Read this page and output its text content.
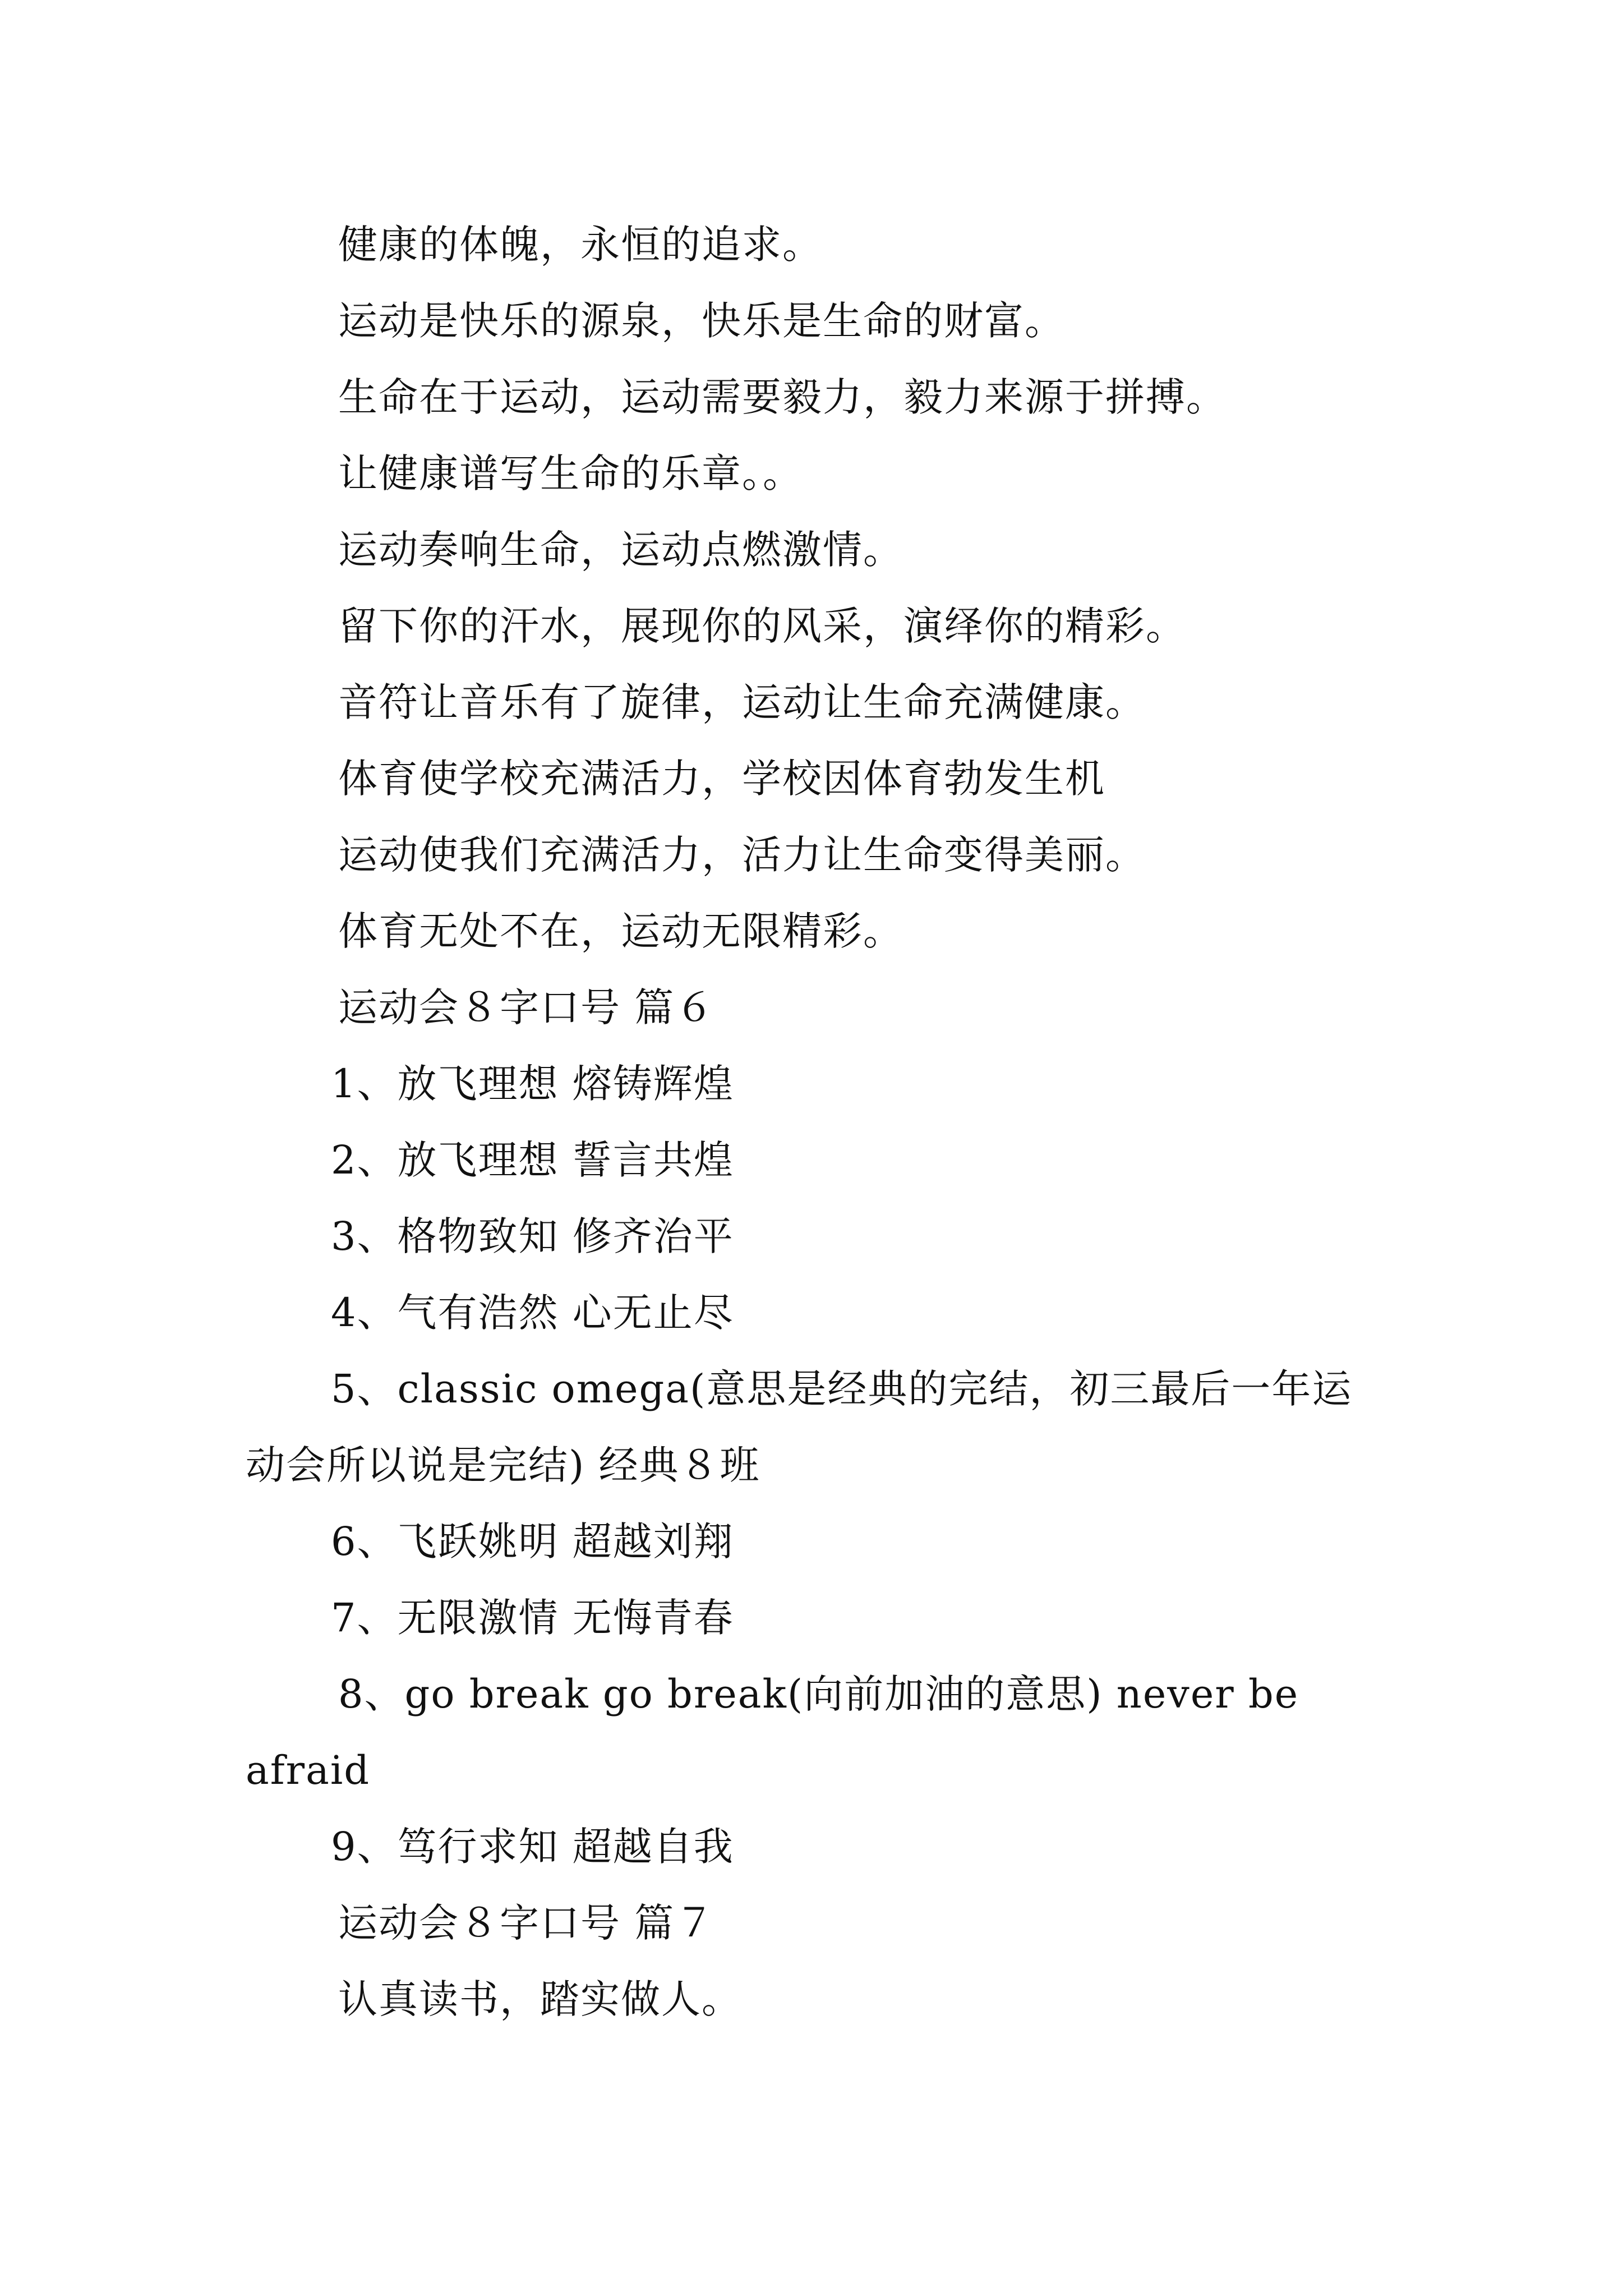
健康的体魄，永恒的追求。
运动是快乐的源泉，快乐是生命的财富。
生命在于运动，运动需要毅力，毅力来源于拼搏。
让健康谱写生命的乐章。。
运动奏响生命，运动点燃激情。
留下你的汗水，展现你的风采，演绎你的精彩。
音符让音乐有了旋律，运动让生命充满健康。
体育使学校充满活力，学校因体育勃发生机
运动使我们充满活力，活力让生命变得美丽。
体育无处不在，运动无限精彩。
运动会８字口号 篇６
1、放飞理想 熔铸辉煌
2、放飞理想 誓言共煌
3、格物致知 修齐治平
4、气有浩然 心无止尽

5、classic omega(意思是经典的完结，初三最后一年运动会所以说是完结) 经典８班

6、飞跃姚明 超越刘翔
7、无限激情 无悔青春

8、go break go break(向前加油的意思) never be afraid

9、笃行求知 超越自我
运动会８字口号 篇７
认真读书，踏实做人。
